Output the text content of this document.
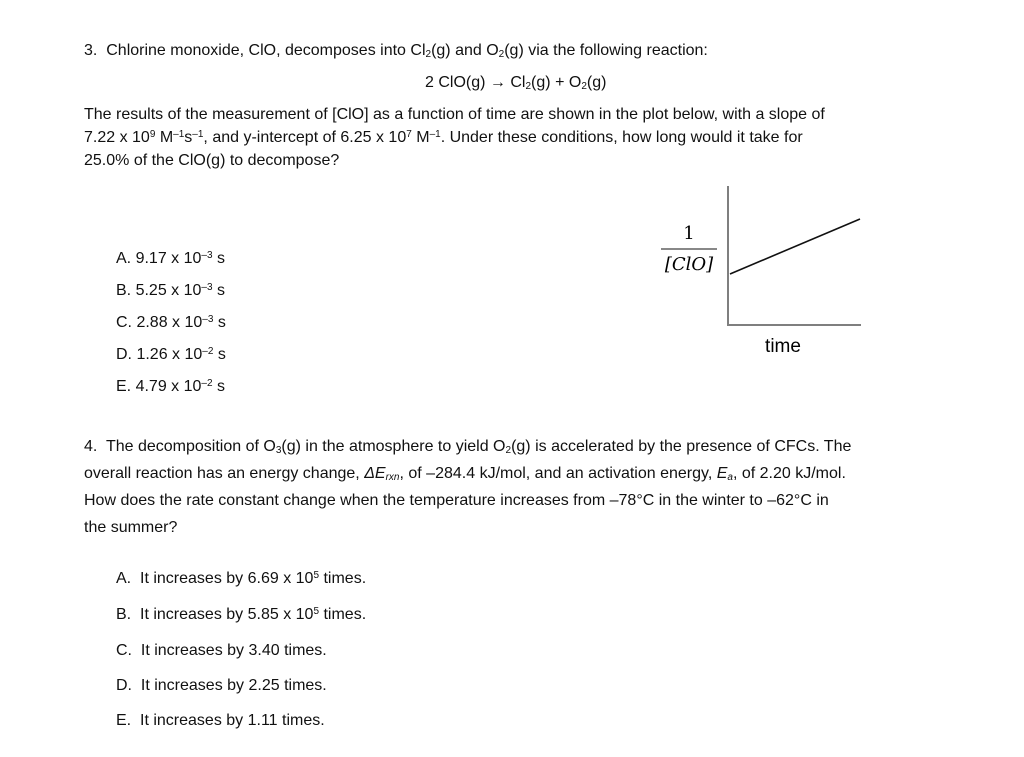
3. Chlorine monoxide, ClO, decomposes into $Cl_2(g)$ and $O_2(g)$ via the following reaction:
2 $ClO(g) \to Cl_2(g) + O_2(g)$
The results of the measurement of [ClO] as a function of time are shown in the plot below, with a slope of
7.22 x $10^9$ $M^{-1}s^{-1}$, and y-intercept of 6.25 x $10^7$ $M^{-1}$. Under these conditions, how long would it take for
25.0% of the ClO(g) to decompose?
A. 9.17 x $10^{-3}$ s
B. 5.25 x $10^{-3}$ s
C. 2.88 x $10^{-3}$ s
D. 1.26 x $10^{-2}$ s
E. 4.79 x $10^{-2}$ s
1
[ClO]
time
4. The decomposition of $O_3(g)$ in the atmosphere to yield $O_2(g)$ is accelerated by the presence of CFCs. The
overall reaction has an energy change, $\Delta E_{rxn}$, of –284.4 kJ/mol, and an activation energy, $E_a$, of 2.20 kJ/mol.
How does the rate constant change when the temperature increases from –78°C in the winter to –62°C in
the summer?
A. It increases by 6.69 x $10^5$ times.
B. It increases by 5.85 x $10^5$ times.
C. It increases by 3.40 times.
D. It increases by 2.25 times.
E. It increases by 1.11 times.
